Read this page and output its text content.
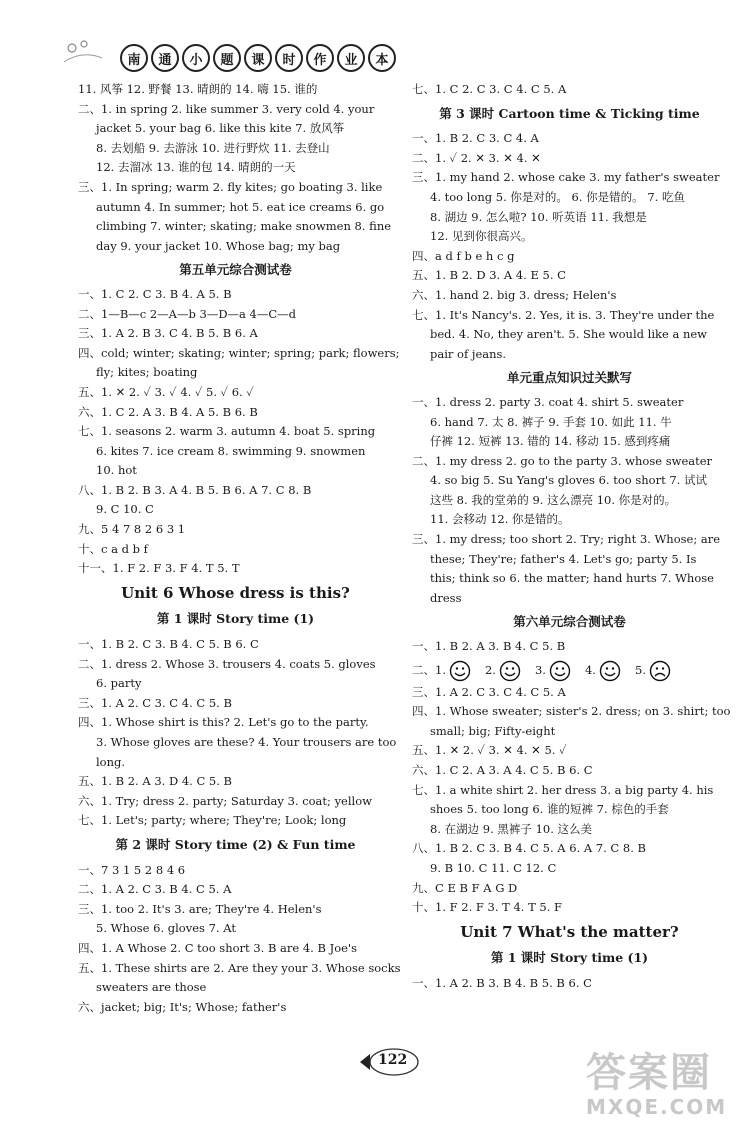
南	通	小	题	课	时	作	业	本
11. 风筝 12. 野餐 13. 晴朗的 14. 嗨 15. 谁的
二、1. in spring 2. like summer 3. very cold 4. your
jacket 5. your bag 6. like this kite 7. 放风筝
8. 去划船 9. 去游泳 10. 进行野炊 11. 去登山
12. 去溜冰 13. 谁的包 14. 晴朗的一天
三、1. In spring; warm 2. fly kites; go boating 3. like
autumn 4. In summer; hot 5. eat ice creams 6. go
climbing 7. winter; skating; make snowmen 8. fine
day 9. your jacket 10. Whose bag; my bag
第五单元综合测试卷
一、1. C 2. C 3. B 4. A 5. B
二、1—B—c 2—A—b 3—D—a 4—C—d
三、1. A 2. B 3. C 4. B 5. B 6. A
四、cold; winter; skating; winter; spring; park; flowers;
fly; kites; boating
五、1. ✕ 2. ✓ 3. ✓ 4. ✓ 5. ✓ 6. ✓
六、1. C 2. A 3. B 4. A 5. B 6. B
七、1. seasons 2. warm 3. autumn 4. boat 5. spring
6. kites 7. ice cream 8. swimming 9. snowmen
10. hot
八、1. B 2. B 3. A 4. B 5. B 6. A 7. C 8. B
9. C 10. C
九、5 4 7 8 2 6 3 1
十、c a d b f
十一、1. F 2. F 3. F 4. T 5. T
Unit 6 Whose dress is this?
第 1 课时 Story time (1)
一、1. B 2. C 3. B 4. C 5. B 6. C
二、1. dress 2. Whose 3. trousers 4. coats 5. gloves
6. party
三、1. A 2. C 3. C 4. C 5. B
四、1. Whose shirt is this? 2. Let's go to the party.
3. Whose gloves are these? 4. Your trousers are too
long.
五、1. B 2. A 3. D 4. C 5. B
六、1. Try; dress 2. party; Saturday 3. coat; yellow
七、1. Let's; party; where; They're; Look; long
第 2 课时 Story time (2) & Fun time
一、7 3 1 5 2 8 4 6
二、1. A 2. C 3. B 4. C 5. A
三、1. too 2. It's 3. are; They're 4. Helen's
5. Whose 6. gloves 7. At
四、1. A Whose 2. C too short 3. B are 4. B Joe's
五、1. These shirts are 2. Are they your 3. Whose socks
sweaters are those
六、jacket; big; It's; Whose; father's
七、1. C 2. C 3. C 4. C 5. A
第 3 课时 Cartoon time & Ticking time
一、1. B 2. C 3. C 4. A
二、1. ✓ 2. ✕ 3. ✕ 4. ✕
三、1. my hand 2. whose cake 3. my father's sweater
4. too long 5. 你是对的。 6. 你是错的。 7. 吃鱼
8. 湖边 9. 怎么啦? 10. 听英语 11. 我想是
12. 见到你很高兴。
四、a d f b e h c g
五、1. B 2. D 3. A 4. E 5. C
六、1. hand 2. big 3. dress; Helen's
七、1. It's Nancy's. 2. Yes, it is. 3. They're under the
bed. 4. No, they aren't. 5. She would like a new
pair of jeans.
单元重点知识过关默写
一、1. dress 2. party 3. coat 4. shirt 5. sweater
6. hand 7. 太 8. 裤子 9. 手套 10. 如此 11. 牛
仔裤 12. 短裤 13. 错的 14. 移动 15. 感到疼痛
二、1. my dress 2. go to the party 3. whose sweater
4. so big 5. Su Yang's gloves 6. too short 7. 试试
这些 8. 我的堂弟的 9. 这么漂亮 10. 你是对的。
11. 会移动 12. 你是错的。
三、1. my dress; too short 2. Try; right 3. Whose; are
these; They're; father's 4. Let's go; party 5. Is
this; think so 6. the matter; hand hurts 7. Whose
dress
第六单元综合测试卷
一、1. B 2. A 3. B 4. C 5. B
二、1.	2.	3.	4.	5.
三、1. A 2. C 3. C 4. C 5. A
四、1. Whose sweater; sister's 2. dress; on 3. shirt; too
small; big; Fifty-eight
五、1. ✕ 2. ✓ 3. ✕ 4. ✕ 5. ✓
六、1. C 2. A 3. A 4. C 5. B 6. C
七、1. a white shirt 2. her dress 3. a big party 4. his
shoes 5. too long 6. 谁的短裤 7. 棕色的手套
8. 在湖边 9. 黑裤子 10. 这么美
八、1. B 2. C 3. B 4. C 5. A 6. A 7. C 8. B
9. B 10. C 11. C 12. C
九、C E B F A G D
十、1. F 2. F 3. T 4. T 5. F
Unit 7 What's the matter?
第 1 课时 Story time (1)
一、1. A 2. B 3. B 4. B 5. B 6. C
122	答案圈
MXQE.COM
